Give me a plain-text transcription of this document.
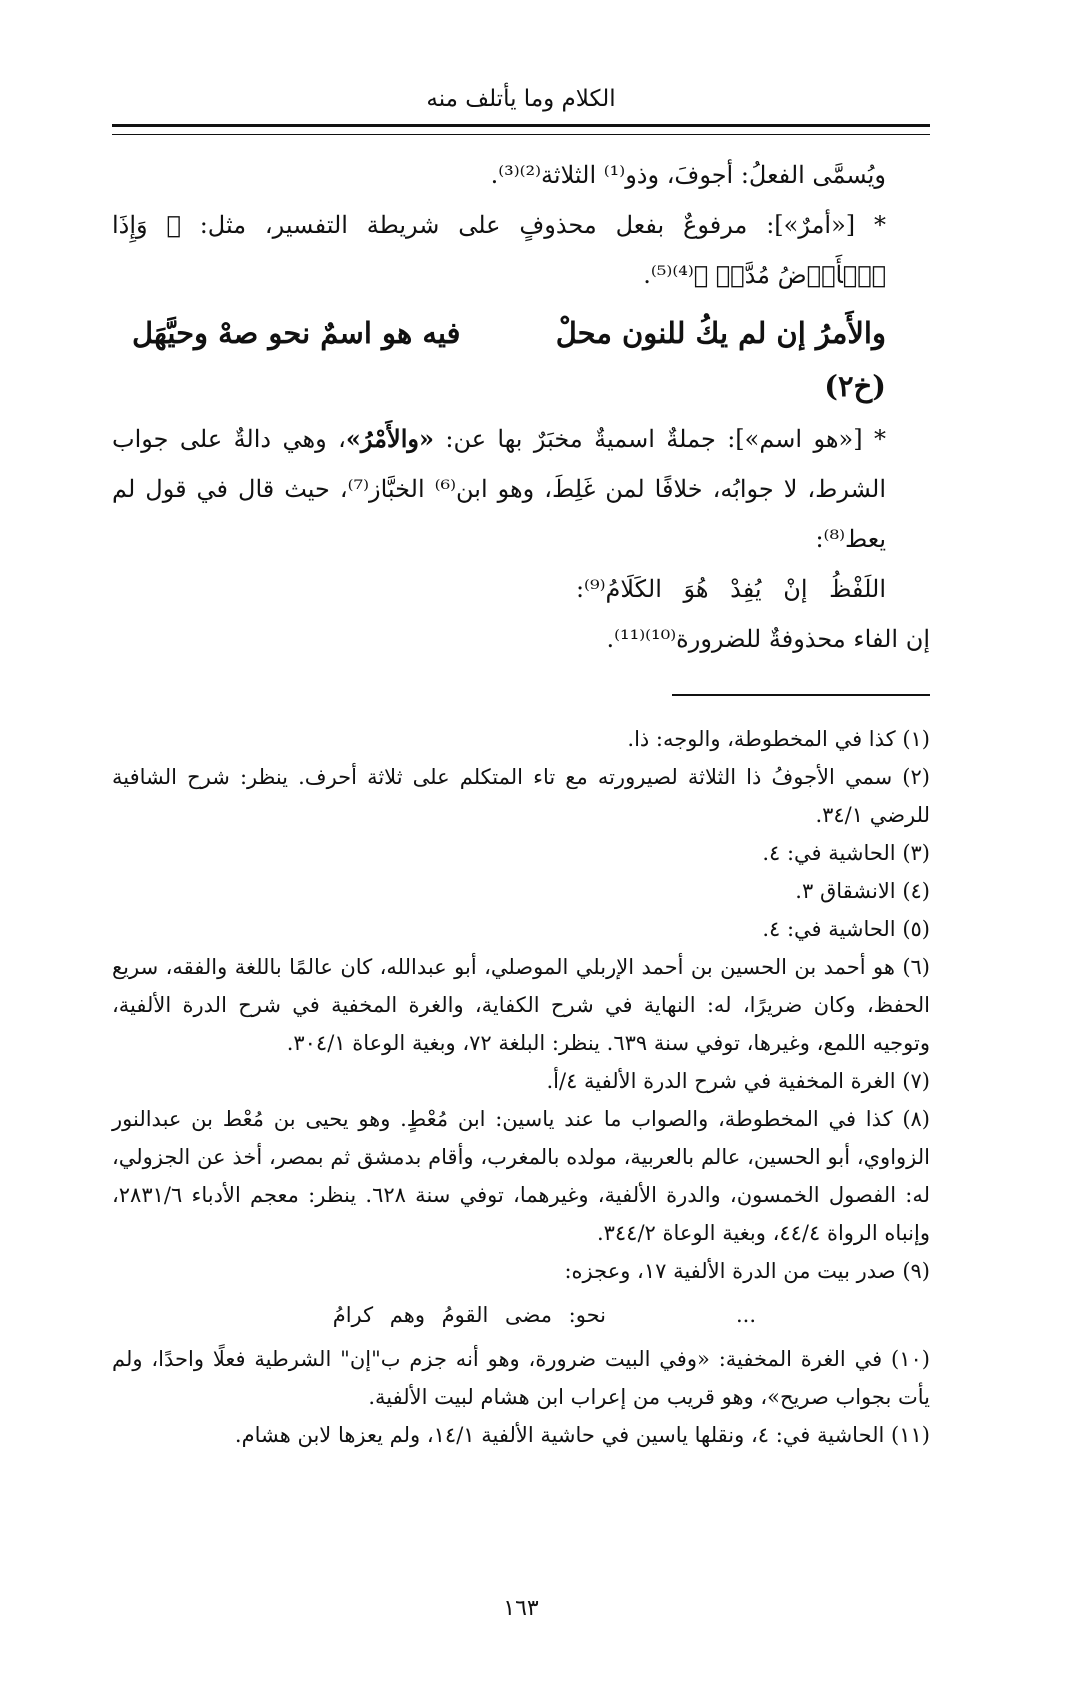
الكلام وما يأتلف منه

ويُسمَّى الفعلُ: أجوفَ، وذو⁽¹⁾ الثلاثة⁽²⁾⁽³⁾.

* [«أمرٌ»]: مرفوعٌ بفعل محذوفٍ على شريطة التفسير، مثل: ﴿ وَإِذَا ٱلۡأَرۡضُ مُدَّتۡ ﴾⁽⁴⁾⁽⁵⁾.

والأَمرُ إن لم يكُ للنون محلْ
فيه هو اسمٌ نحو صهْ وحيَّهَل
(خ٢)

* [«هو اسم»]: جملةٌ اسميةٌ مخبَرٌ بها عن: «والأَمْرُ»، وهي دالةٌ على جواب الشرط، لا جوابُه، خلافًا لمن غَلِطَ، وهو ابن⁽⁶⁾ الخبَّاز⁽⁷⁾، حيث قال في قول لم يعط⁽⁸⁾:

اللَفْظُ إنْ يُفِدْ هُوَ الكَلَامُ⁽⁹⁾:

إن الفاء محذوفةٌ للضرورة⁽¹⁰⁾⁽¹¹⁾.

(١) كذا في المخطوطة، والوجه: ذا.

(٢) سمي الأجوفُ ذا الثلاثة لصيرورته مع تاء المتكلم على ثلاثة أحرف. ينظر: شرح الشافية للرضي ٣٤/١.

(٣) الحاشية في: ٤.

(٤) الانشقاق ٣.

(٥) الحاشية في: ٤.

(٦) هو أحمد بن الحسين بن أحمد الإربلي الموصلي، أبو عبدالله، كان عالمًا باللغة والفقه، سريع الحفظ، وكان ضريرًا، له: النهاية في شرح الكفاية، والغرة المخفية في شرح الدرة الألفية، وتوجيه اللمع، وغيرها، توفي سنة ٦٣٩. ينظر: البلغة ٧٢، وبغية الوعاة ٣٠٤/١.

(٧) الغرة المخفية في شرح الدرة الألفية ٤/أ.

(٨) كذا في المخطوطة، والصواب ما عند ياسين: ابن مُعْطٍ. وهو يحيى بن مُعْط بن عبدالنور الزواوي، أبو الحسين، عالم بالعربية، مولده بالمغرب، وأقام بدمشق ثم بمصر، أخذ عن الجزولي، له: الفصول الخمسون، والدرة الألفية، وغيرهما، توفي سنة ٦٢٨. ينظر: معجم الأدباء ٢٨٣١/٦، وإنباه الرواة ٤٤/٤، وبغية الوعاة ٣٤٤/٢.

(٩) صدر بيت من الدرة الألفية ١٧، وعجزه:

...
نحو: مضى القومُ وهم كرامُ

(١٠) في الغرة المخفية: «وفي البيت ضرورة، وهو أنه جزم ب"إن" الشرطية فعلًا واحدًا، ولم يأت بجواب صريح»، وهو قريب من إعراب ابن هشام لبيت الألفية.

(١١) الحاشية في: ٤، ونقلها ياسين في حاشية الألفية ١٤/١، ولم يعزها لابن هشام.

١٦٣
